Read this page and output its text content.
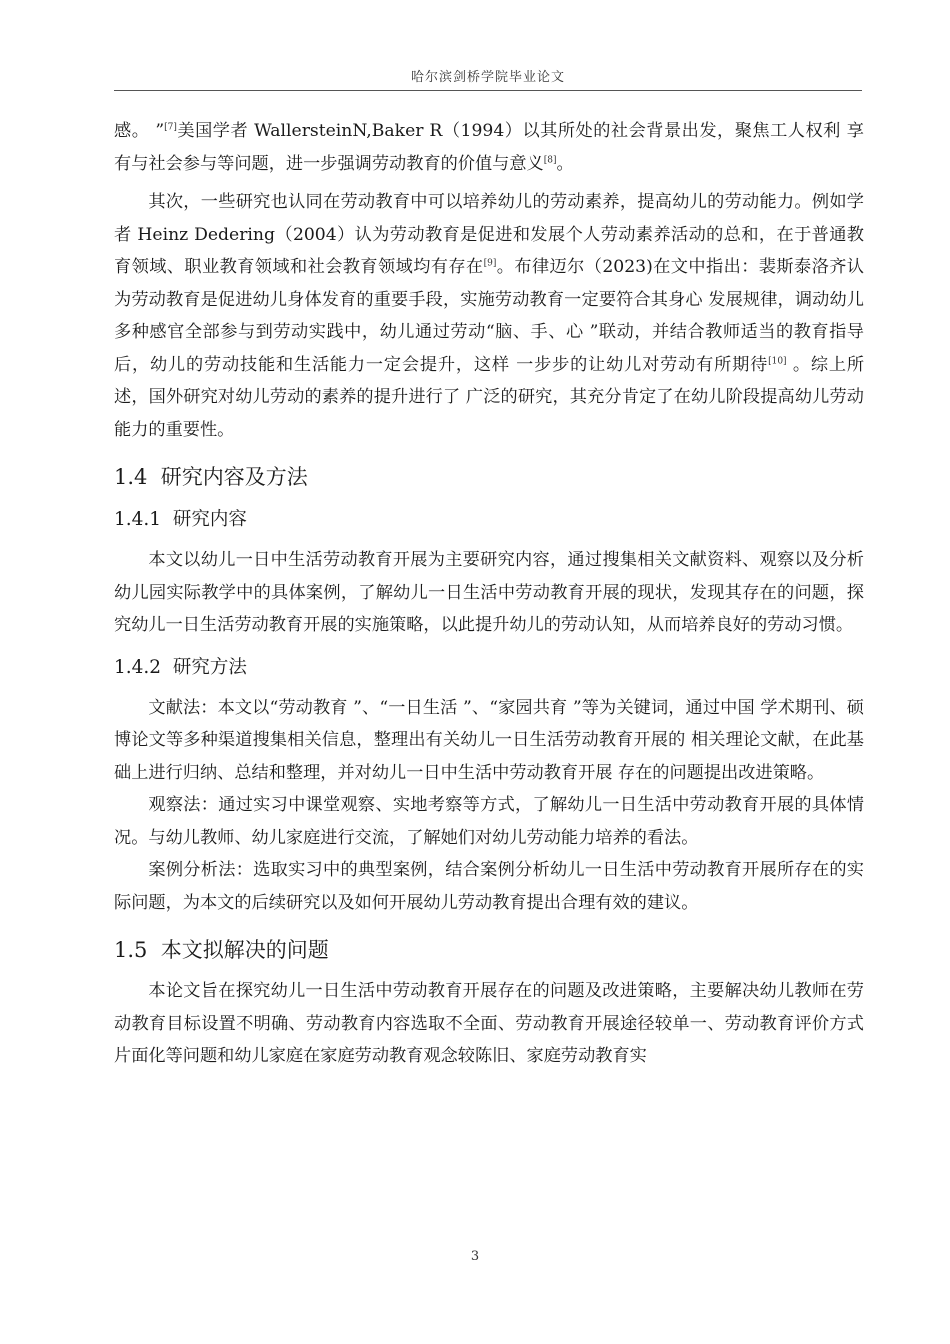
哈尔滨剑桥学院毕业论文

感。 ”[7]美国学者 WallersteinN,Baker R（1994）以其所处的社会背景出发，聚焦工人权利 享有与社会参与等问题，进一步强调劳动教育的价值与意义[8]。

其次，一些研究也认同在劳动教育中可以培养幼儿的劳动素养，提高幼儿的劳动能力。例如学者 Heinz Dedering（2004）认为劳动教育是促进和发展个人劳动素养活动的总和，在于普通教育领域、职业教育领域和社会教育领域均有存在[9]。布律迈尔（2023)在文中指出：裴斯泰洛齐认为劳动教育是促进幼儿身体发育的重要手段，实施劳动教育一定要符合其身心 发展规律，调动幼儿多种感官全部参与到劳动实践中，幼儿通过劳动“脑、手、心 ”联动，并结合教师适当的教育指导后，幼儿的劳动技能和生活能力一定会提升，这样 一步步的让幼儿对劳动有所期待[10] 。综上所述，国外研究对幼儿劳动的素养的提升进行了 广泛的研究，其充分肯定了在幼儿阶段提高幼儿劳动能力的重要性。

1.4 研究内容及方法
1.4.1 研究内容

本文以幼儿一日中生活劳动教育开展为主要研究内容，通过搜集相关文献资料、观察以及分析幼儿园实际教学中的具体案例，了解幼儿一日生活中劳动教育开展的现状，发现其存在的问题，探究幼儿一日生活劳动教育开展的实施策略，以此提升幼儿的劳动认知，从而培养良好的劳动习惯。

1.4.2 研究方法

文献法：本文以“劳动教育 ”、“一日生活 ”、“家园共育 ”等为关键词，通过中国 学术期刊、硕博论文等多种渠道搜集相关信息，整理出有关幼儿一日生活劳动教育开展的 相关理论文献，在此基础上进行归纳、总结和整理，并对幼儿一日中生活中劳动教育开展 存在的问题提出改进策略。

观察法：通过实习中课堂观察、实地考察等方式，了解幼儿一日生活中劳动教育开展的具体情况。与幼儿教师、幼儿家庭进行交流，了解她们对幼儿劳动能力培养的看法。

案例分析法：选取实习中的典型案例，结合案例分析幼儿一日生活中劳动教育开展所存在的实际问题，为本文的后续研究以及如何开展幼儿劳动教育提出合理有效的建议。

1.5 本文拟解决的问题

本论文旨在探究幼儿一日生活中劳动教育开展存在的问题及改进策略，主要解决幼儿教师在劳动教育目标设置不明确、劳动教育内容选取不全面、劳动教育开展途径较单一、劳动教育评价方式片面化等问题和幼儿家庭在家庭劳动教育观念较陈旧、家庭劳动教育实

3
